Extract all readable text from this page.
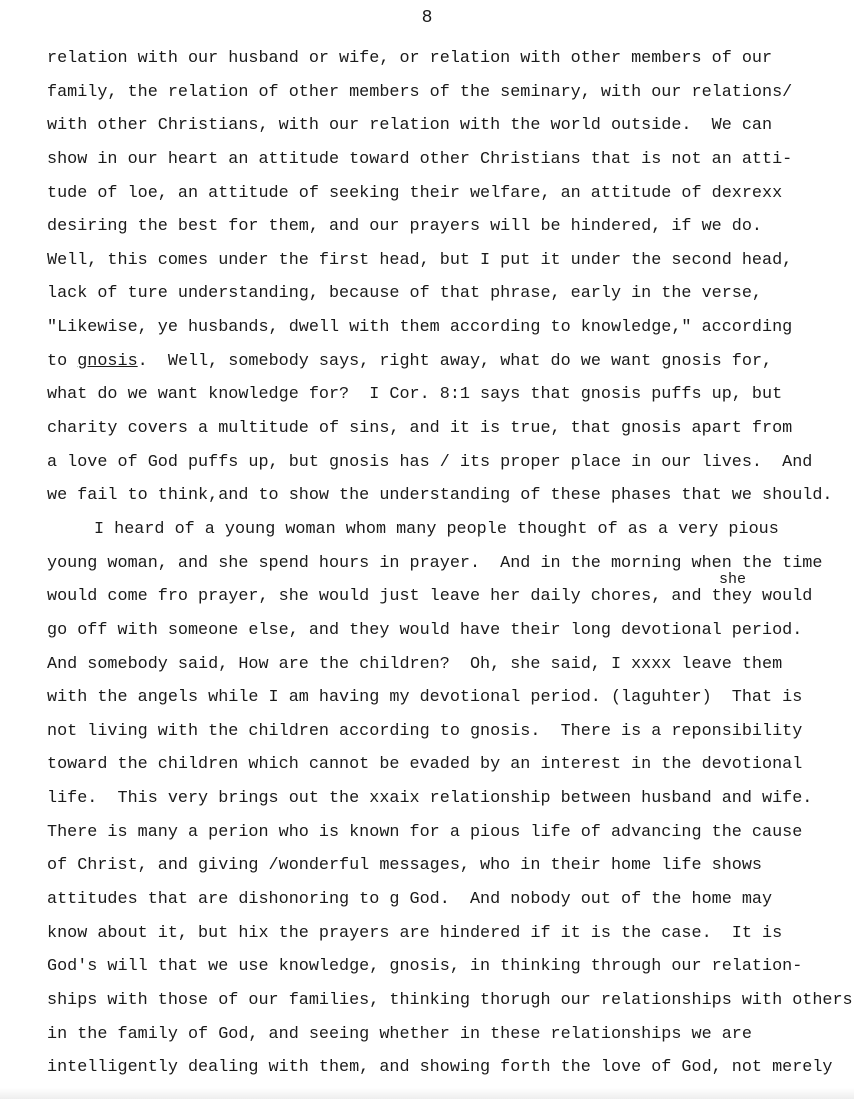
8
relation with our husband or wife, or relation with other members of our
family, the relation of other members of the seminary, with our relations/
with other Christians, with our relation with the world outside.  We can
show in our heart an attitude toward other Christians that is not an atti-
tude of loe, an attitude of seeking their welfare, an attitude of dexrexx
desiring the best for them, and our prayers will be hindered, if we do.
Well, this comes under the first head, but I put it under the second head,
lack of ture understanding, because of that phrase, early in the verse,
"Likewise, ye husbands, dwell with them according to knowledge," according
to gnosis.  Well, somebody says, right away, what do we want gnosis for,
what do we want knowledge for?  I Cor. 8:1 says that gnosis puffs up, but
charity covers a multitude of sins, and it is true, that gnosis apart from
a love of God puffs up, but gnosis has / its proper place in our lives.  And
we fail to think,and to show the understanding of these phases that we should.
I heard of a young woman whom many people thought of as a very pious
young woman, and she spend hours in prayer.  And in the morning when the time
would come fro prayer, she would just leave her daily chores, and they would
go off with someone else, and they would have their long devotional period.
And somebody said, How are the children?  Oh, she said, I xxxx leave them
with the angels while I am having my devotional period. (laguhter)  That is
not living with the children according to gnosis.  There is a reponsibility
toward the children which cannot be evaded by an interest in the devotional
life.  This very brings out the xxaix relationship between husband and wife.
There is many a perion who is known for a pious life of advancing the cause
of Christ, and giving /wonderful messages, who in their home life shows
attitudes that are dishonoring to g God.  And nobody out of the home may
know about it, but hix the prayers are hindered if it is the case.  It is
God's will that we use knowledge, gnosis, in thinking through our relation-
ships with those of our families, thinking thorugh our relationships with others
in the family of God, and seeing whether in these relationships we are
intelligently dealing with them, and showing forth the love of God, not merely
she
